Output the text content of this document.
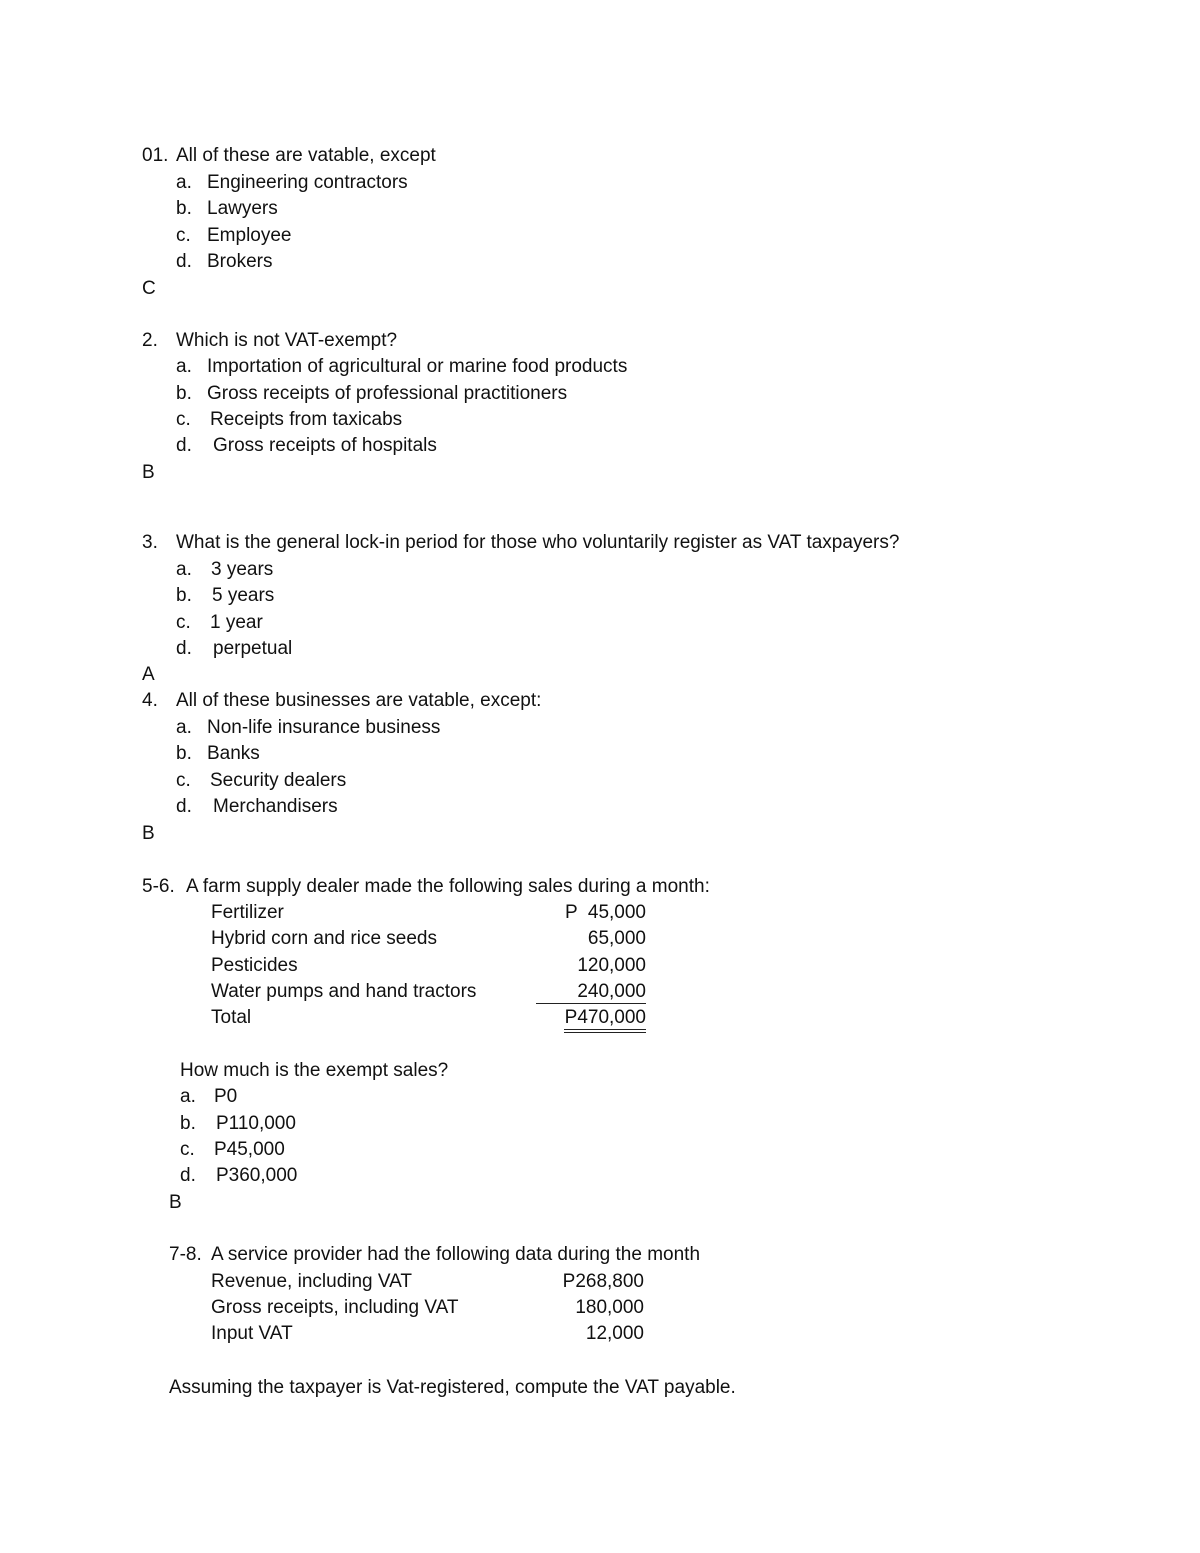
01. All of these are vatable, except
a. Engineering contractors
b. Lawyers
c. Employee
d. Brokers
C
2. Which is not VAT-exempt?
a. Importation of agricultural or marine food products
b. Gross receipts of professional practitioners
c. Receipts from taxicabs
d. Gross receipts of hospitals
B
3. What is the general lock-in period for those who voluntarily register as VAT taxpayers?
a. 3 years
b. 5 years
c. 1 year
d. perpetual
A
4. All of these businesses are vatable, except:
a. Non-life insurance business
b. Banks
c. Security dealers
d. Merchandisers
B
5-6. A farm supply dealer made the following sales during a month:
Fertilizer	P  45,000
Hybrid corn and rice seeds	65,000
Pesticides	120,000
Water pumps and hand tractors	240,000
Total	P470,000
How much is the exempt sales?
a. P0
b. P110,000
c. P45,000
d. P360,000
B
7-8. A service provider had the following data during the month
Revenue, including VAT	P268,800
Gross receipts, including VAT	180,000
Input VAT	12,000
Assuming the taxpayer is Vat-registered, compute the VAT payable.
